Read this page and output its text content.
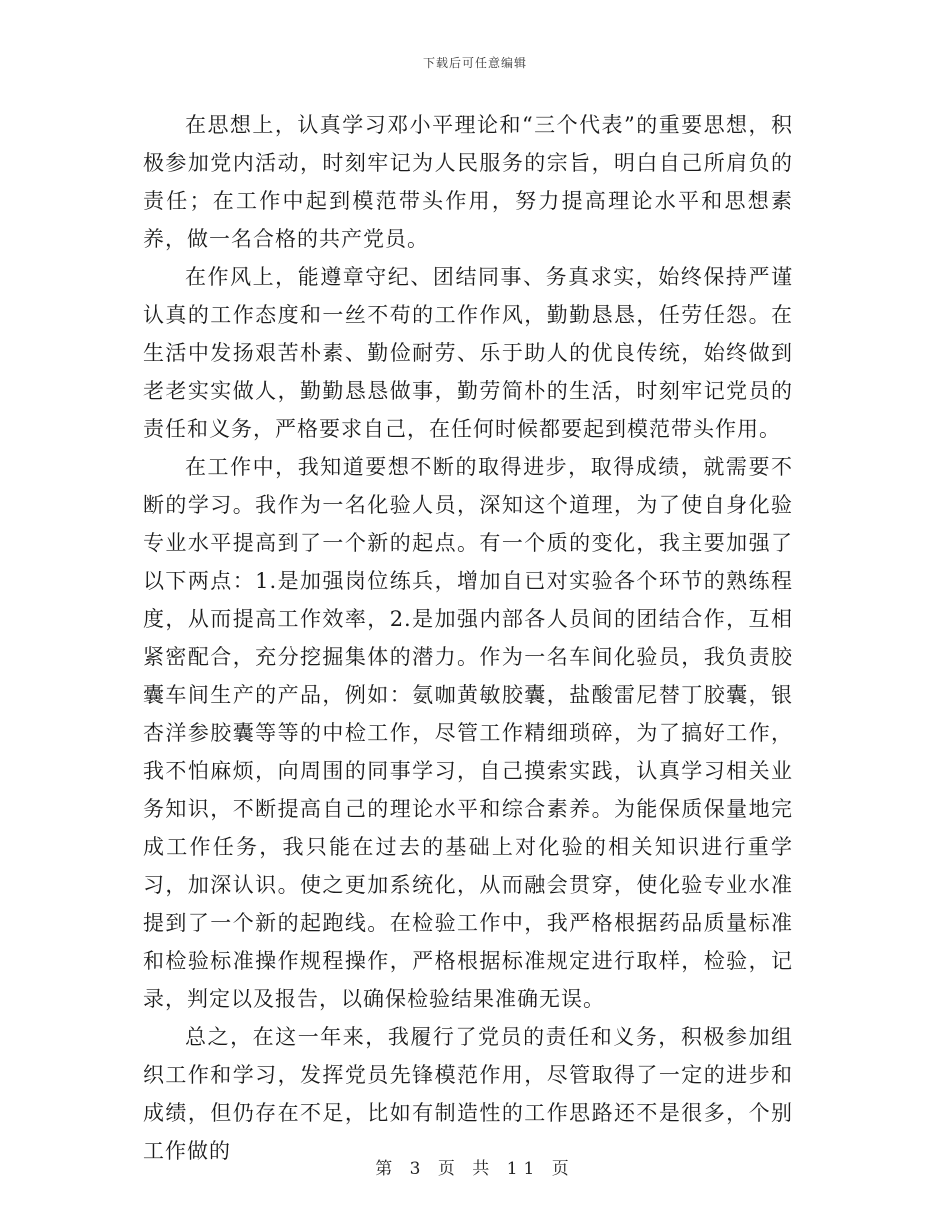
下载后可任意编辑

在思想上，认真学习邓小平理论和“三个代表”的重要思想，积极参加党内活动，时刻牢记为人民服务的宗旨，明白自己所肩负的责任；在工作中起到模范带头作用，努力提高理论水平和思想素养，做一名合格的共产党员。

在作风上，能遵章守纪、团结同事、务真求实，始终保持严谨认真的工作态度和一丝不苟的工作作风，勤勤恳恳，任劳任怨。在生活中发扬艰苦朴素、勤俭耐劳、乐于助人的优良传统，始终做到老老实实做人，勤勤恳恳做事，勤劳简朴的生活，时刻牢记党员的责任和义务，严格要求自己，在任何时候都要起到模范带头作用。

在工作中，我知道要想不断的取得进步，取得成绩，就需要不断的学习。我作为一名化验人员，深知这个道理，为了使自身化验专业水平提高到了一个新的起点。有一个质的变化，我主要加强了以下两点：1.是加强岗位练兵，增加自已对实验各个环节的熟练程度，从而提高工作效率，2.是加强内部各人员间的团结合作，互相紧密配合，充分挖掘集体的潜力。作为一名车间化验员，我负责胶囊车间生产的产品，例如：氨咖黄敏胶囊，盐酸雷尼替丁胶囊，银杏洋参胶囊等等的中检工作，尽管工作精细琐碎，为了搞好工作，我不怕麻烦，向周围的同事学习，自己摸索实践，认真学习相关业务知识，不断提高自己的理论水平和综合素养。为能保质保量地完成工作任务，我只能在过去的基础上对化验的相关知识进行重学习，加深认识。使之更加系统化，从而融会贯穿，使化验专业水准提到了一个新的起跑线。在检验工作中，我严格根据药品质量标准和检验标准操作规程操作，严格根据标准规定进行取样，检验，记录，判定以及报告，以确保检验结果准确无误。

总之，在这一年来，我履行了党员的责任和义务，积极参加组织工作和学习，发挥党员先锋模范作用，尽管取得了一定的进步和成绩，但仍存在不足，比如有制造性的工作思路还不是很多，个别工作做的

第 3 页 共 11 页
